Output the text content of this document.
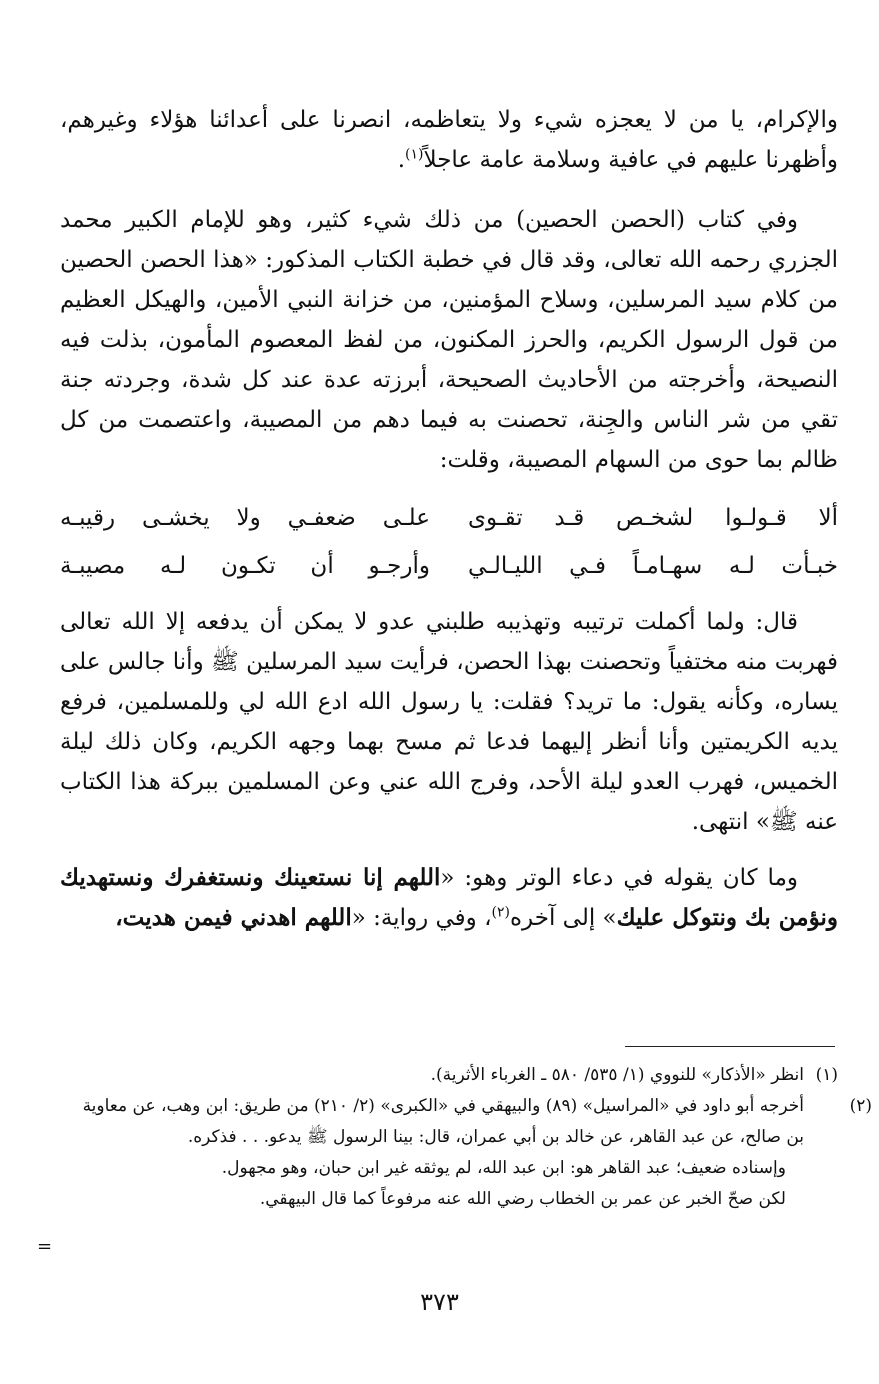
والإكرام، يا من لا يعجزه شيء ولا يتعاظمه، انصرنا على أعدائنا هؤلاء وغيرهم، وأظهرنا عليهم في عافية وسلامة عامة عاجلاً$^{(١)}$.

وفي كتاب (الحصن الحصين) من ذلك شيء كثير، وهو للإمام الكبير محمد الجزري رحمه الله تعالى، وقد قال في خطبة الكتاب المذكور: «هذا الحصن الحصين من كلام سيد المرسلين، وسلاح المؤمنين، من خزانة النبي الأمين، والهيكل العظيم من قول الرسول الكريم، والحرز المكنون، من لفظ المعصوم المأمون، بذلت فيه النصيحة، وأخرجته من الأحاديث الصحيحة، أبرزته عدة عند كل شدة، وجردته جنة تقي من شر الناس والجِنة، تحصنت به فيما دهم من المصيبة، واعتصمت من كل ظالم بما حوى من السهام المصيبة، وقلت:

ألا قـولـوا لشخـص قـد تقـوى
علـى ضعفـي ولا يخشـى رقيبـه
خبـأت لـه سهـامـاً فـي الليـالـي
وأرجـو أن تكـون لـه مصيبـة

قال: ولما أكملت ترتيبه وتهذيبه طلبني عدو لا يمكن أن يدفعه إلا الله تعالى فهربت منه مختفياً وتحصنت بهذا الحصن، فرأيت سيد المرسلين ﷺ وأنا جالس على يساره، وكأنه يقول: ما تريد؟ فقلت: يا رسول الله ادع الله لي وللمسلمين، فرفع يديه الكريمتين وأنا أنظر إليهما فدعا ثم مسح بهما وجهه الكريم، وكان ذلك ليلة الخميس، فهرب العدو ليلة الأحد، وفرج الله عني وعن المسلمين ببركة هذا الكتاب عنه ﷺ» انتهى.

وما كان يقوله في دعاء الوتر وهو: «اللهم إنا نستعينك ونستغفرك ونستهديك ونؤمن بك ونتوكل عليك» إلى آخره$^{(٢)}$، وفي رواية: «اللهم اهدني فيمن هديت،

(١)انظر «الأذكار» للنووي (١/ ٥٣٥/ ٥٨٠ ـ الغرباء الأثرية).

(٢)أخرجه أبو داود في «المراسيل» (٨٩) والبيهقي في «الكبرى» (٢/ ٢١٠) من طريق: ابن وهب، عن معاوية بن صالح، عن عبد القاهر، عن خالد بن أبي عمران، قال: بينا الرسول ﷺ يدعو. . . فذكره.

وإسناده ضعيف؛ عبد القاهر هو: ابن عبد الله، لم يوثقه غير ابن حبان، وهو مجهول.

لكن صحّ الخبر عن عمر بن الخطاب رضي الله عنه مرفوعاً كما قال البيهقي.

=
٣٧٣
